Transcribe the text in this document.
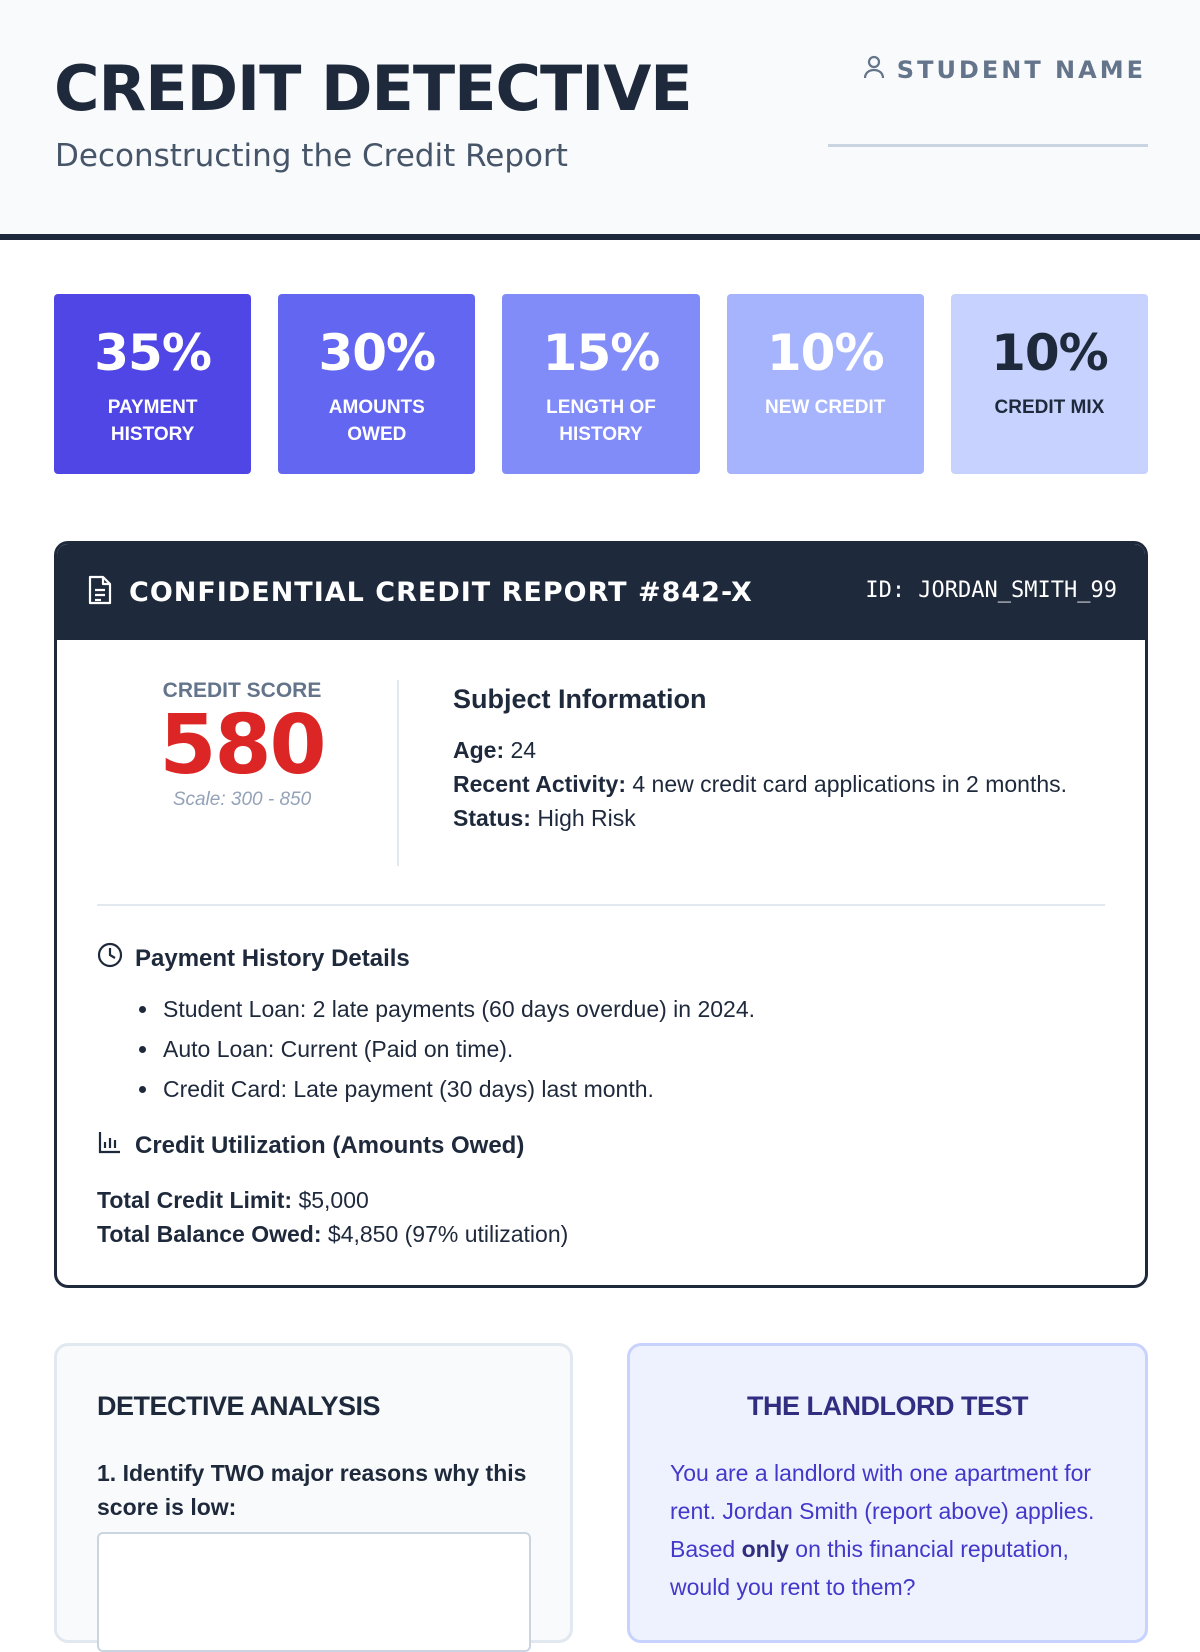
CREDIT DETECTIVE
Deconstructing the Credit Report
STUDENT NAME
35%
PAYMENT
HISTORY
30%
AMOUNTS
OWED
15%
LENGTH OF
HISTORY
10%
NEW CREDIT
10%
CREDIT MIX
CONFIDENTIAL CREDIT REPORT #842-X	ID: JORDAN_SMITH_99
CREDIT SCORE
580
Scale: 300 - 850
Subject Information
Age: 24
Recent Activity: 4 new credit card applications in 2 months.
Status: High Risk
Payment History Details
Student Loan: 2 late payments (60 days overdue) in 2024.
Auto Loan: Current (Paid on time).
Credit Card: Late payment (30 days) last month.
Credit Utilization (Amounts Owed)
Total Credit Limit: $5,000
Total Balance Owed: $4,850 (97% utilization)
DETECTIVE ANALYSIS
1. Identify TWO major reasons why this score is low:
THE LANDLORD TEST
You are a landlord with one apartment for rent. Jordan Smith (report above) applies. Based only on this financial reputation, would you rent to them?
